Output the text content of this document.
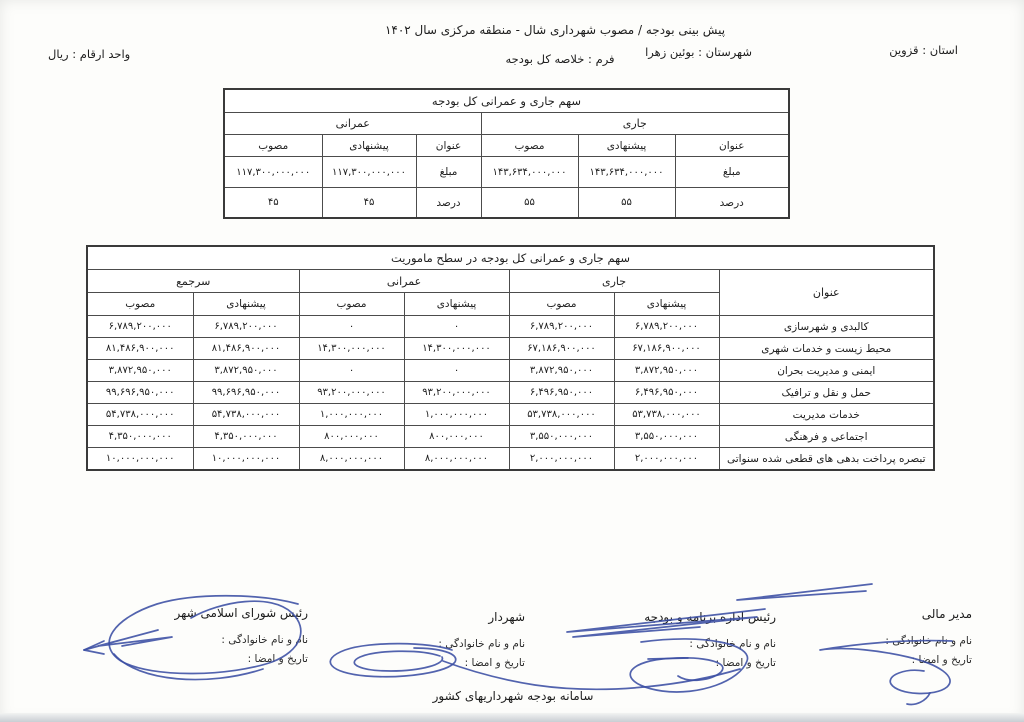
پیش بینی بودجه / مصوب شهرداری شال - منطقه مرکزی سال ۱۴۰۲
فرم : خلاصه کل بودجه	شهرستان : بوئین زهرا	استان : قزوین
واحد ارقام : ریال
سهم جاری و عمرانی کل بودجه					
جاری			عمرانی		
عنوان	پیشنهادی	مصوب	عنوان	پیشنهادی	مصوب
مبلغ	۱۴۳,۶۳۴,۰۰۰,۰۰۰	۱۴۳,۶۳۴,۰۰۰,۰۰۰	مبلغ	۱۱۷,۳۰۰,۰۰۰,۰۰۰	۱۱۷,۳۰۰,۰۰۰,۰۰۰
درصد	۵۵	۵۵	درصد	۴۵	۴۵
سهم جاری و عمرانی کل بودجه در سطح ماموریت						
عنوان	جاری		عمرانی		سرجمع	
	پیشنهادی	مصوب	پیشنهادی	مصوب	پیشنهادی	مصوب
کالبدی و شهرسازی	۶,۷۸۹,۲۰۰,۰۰۰	۶,۷۸۹,۲۰۰,۰۰۰	۰	۰	۶,۷۸۹,۲۰۰,۰۰۰	۶,۷۸۹,۲۰۰,۰۰۰
محیط زیست و خدمات شهری	۶۷,۱۸۶,۹۰۰,۰۰۰	۶۷,۱۸۶,۹۰۰,۰۰۰	۱۴,۳۰۰,۰۰۰,۰۰۰	۱۴,۳۰۰,۰۰۰,۰۰۰	۸۱,۴۸۶,۹۰۰,۰۰۰	۸۱,۴۸۶,۹۰۰,۰۰۰
ایمنی و مدیریت بحران	۳,۸۷۲,۹۵۰,۰۰۰	۳,۸۷۲,۹۵۰,۰۰۰	۰	۰	۳,۸۷۲,۹۵۰,۰۰۰	۳,۸۷۲,۹۵۰,۰۰۰
حمل و نقل و ترافیک	۶,۴۹۶,۹۵۰,۰۰۰	۶,۴۹۶,۹۵۰,۰۰۰	۹۳,۲۰۰,۰۰۰,۰۰۰	۹۳,۲۰۰,۰۰۰,۰۰۰	۹۹,۶۹۶,۹۵۰,۰۰۰	۹۹,۶۹۶,۹۵۰,۰۰۰
خدمات مدیریت	۵۳,۷۳۸,۰۰۰,۰۰۰	۵۳,۷۳۸,۰۰۰,۰۰۰	۱,۰۰۰,۰۰۰,۰۰۰	۱,۰۰۰,۰۰۰,۰۰۰	۵۴,۷۳۸,۰۰۰,۰۰۰	۵۴,۷۳۸,۰۰۰,۰۰۰
اجتماعی و فرهنگی	۳,۵۵۰,۰۰۰,۰۰۰	۳,۵۵۰,۰۰۰,۰۰۰	۸۰۰,۰۰۰,۰۰۰	۸۰۰,۰۰۰,۰۰۰	۴,۳۵۰,۰۰۰,۰۰۰	۴,۳۵۰,۰۰۰,۰۰۰
تبصره پرداخت بدهی های قطعی شده سنواتی	۲,۰۰۰,۰۰۰,۰۰۰	۲,۰۰۰,۰۰۰,۰۰۰	۸,۰۰۰,۰۰۰,۰۰۰	۸,۰۰۰,۰۰۰,۰۰۰	۱۰,۰۰۰,۰۰۰,۰۰۰	۱۰,۰۰۰,۰۰۰,۰۰۰
مدیر مالی
نام و نام خانوادگی :
تاریخ و امضا :
رئیس اداره برنامه و بودجه
نام و نام خانوادگی :
تاریخ و امضا :
شهردار
نام و نام خانوادگی :
تاریخ و امضا :
رئیس شورای اسلامی شهر
نام و نام خانوادگی :
تاریخ و امضا :
سامانه بودجه شهرداریهای کشور
